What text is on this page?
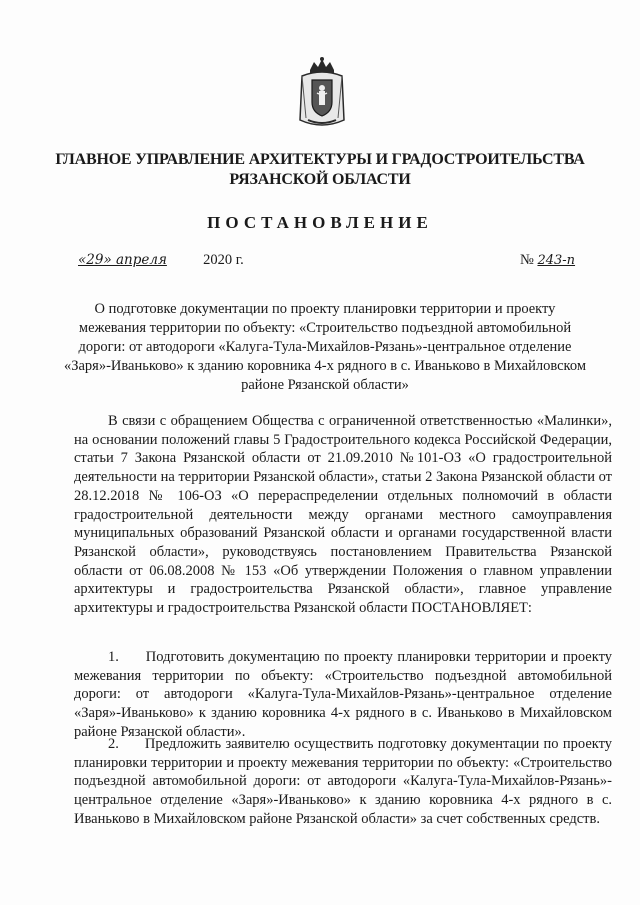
ГЛАВНОЕ УПРАВЛЕНИЕ АРХИТЕКТУРЫ И ГРАДОСТРОИТЕЛЬСТВА
РЯЗАНСКОЙ ОБЛАСТИ
ПОСТАНОВЛЕНИЕ
«29» апреля	2020 г.	№ 243-п
О подготовке документации по проекту планировки территории и проекту межевания территории по объекту: «Строительство подъездной автомобильной дороги: от автодороги «Калуга-Тула-Михайлов-Рязань»-центральное отделение «Заря»-Иваньково» к зданию коровника 4-х рядного в с. Иваньково в Михайловском районе Рязанской области»

В связи с обращением Общества с ограниченной ответственностью «Малинки», на основании положений главы 5 Градостроительного кодекса Российской Федерации, статьи 7 Закона Рязанской области от 21.09.2010 №101-ОЗ «О градостроительной деятельности на территории Рязанской области», статьи 2 Закона Рязанской области от 28.12.2018 № 106-ОЗ «О перераспределении отдельных полномочий в области градостроительной деятельности между органами местного самоуправления муниципальных образований Рязанской области и органами государственной власти Рязанской области», руководствуясь постановлением Правительства Рязанской области от 06.08.2008 № 153 «Об утверждении Положения о главном управлении архитектуры и градостроительства Рязанской области», главное управление архитектуры и градостроительства Рязанской области ПОСТАНОВЛЯЕТ:

1. Подготовить документацию по проекту планировки территории и проекту межевания территории по объекту: «Строительство подъездной автомобильной дороги: от автодороги «Калуга-Тула-Михайлов-Рязань»-центральное отделение «Заря»-Иваньково» к зданию коровника 4-х рядного в с. Иваньково в Михайловском районе Рязанской области».

2. Предложить заявителю осуществить подготовку документации по проекту планировки территории и проекту межевания территории по объекту: «Строительство подъездной автомобильной дороги: от автодороги «Калуга-Тула-Михайлов-Рязань»-центральное отделение «Заря»-Иваньково» к зданию коровника 4-х рядного в с. Иваньково в Михайловском районе Рязанской области» за счет собственных средств.
